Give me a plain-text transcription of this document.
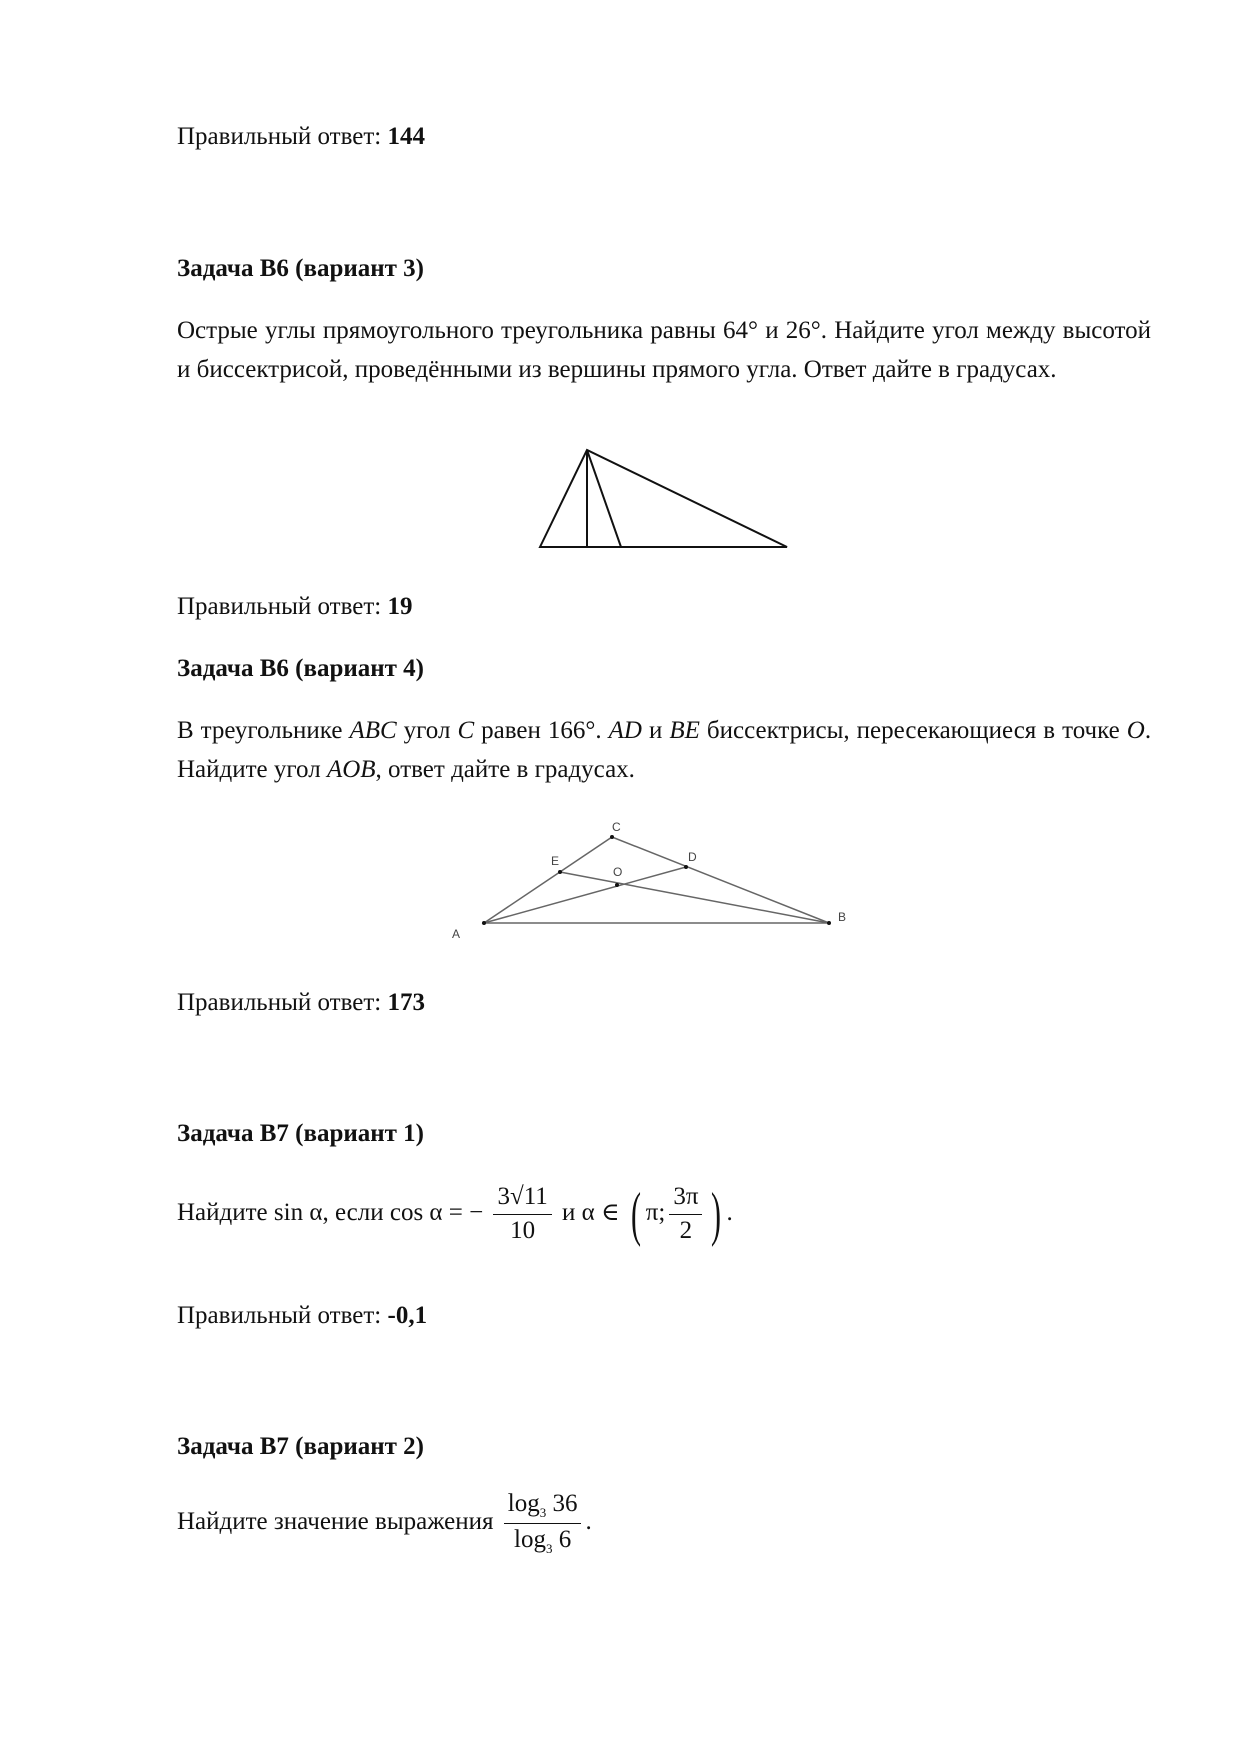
Правильный ответ: 144
Задача B6 (вариант 3)
Острые углы прямоугольного треугольника равны 64° и 26°. Найдите угол между высотой и биссектрисой, проведёнными из вершины прямого угла. Ответ дайте в градусах.
Правильный ответ: 19
Задача B6 (вариант 4)
В треугольнике ABC угол C равен 166°. AD и BE биссектрисы, пересекающиеся в точке O. Найдите угол AOB, ответ дайте в градусах.
A
C
E	D
O
B
Правильный ответ: 173
Задача B7 (вариант 1)
Найдите sin α, если cos α = − $\frac{3√11}{10}$ и α ∈ ( π; $\frac{3\pi}{2}$ ) .
Правильный ответ: -0,1
Задача B7 (вариант 2)
Найдите значение выражения $\frac{\log_3 36}{\log_3 6}$ .
